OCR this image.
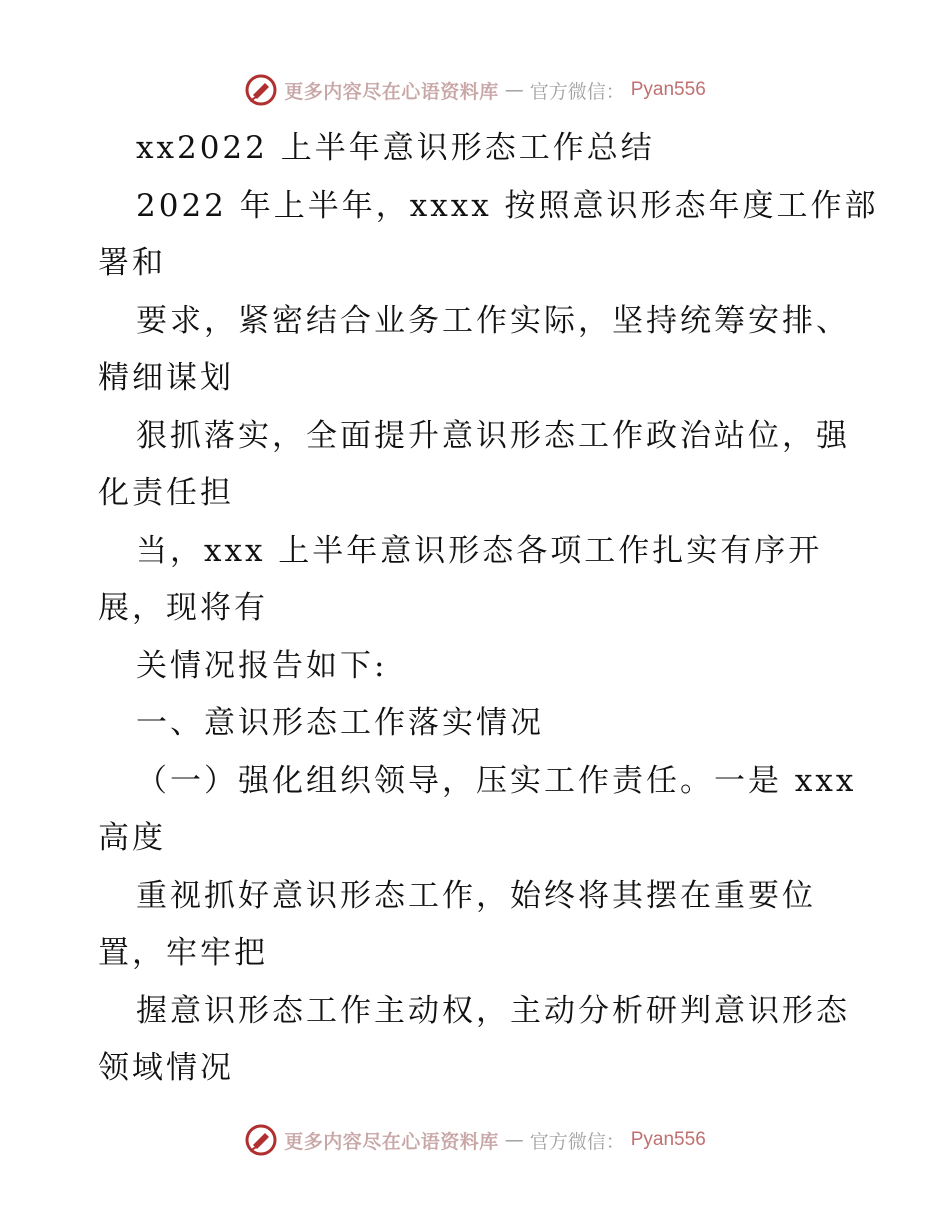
更多内容尽在心语资料库 — 官方微信： Pyan556
xx2022 上半年意识形态工作总结
2022 年上半年，xxxx 按照意识形态年度工作部
署和
要求，紧密结合业务工作实际，坚持统筹安排、
精细谋划
狠抓落实，全面提升意识形态工作政治站位，强
化责任担
当，xxx 上半年意识形态各项工作扎实有序开
展，现将有
关情况报告如下:
一、意识形态工作落实情况
（一）强化组织领导，压实工作责任。一是 xxx
高度
重视抓好意识形态工作，始终将其摆在重要位
置，牢牢把
握意识形态工作主动权，主动分析研判意识形态
领域情况
更多内容尽在心语资料库 — 官方微信： Pyan556
